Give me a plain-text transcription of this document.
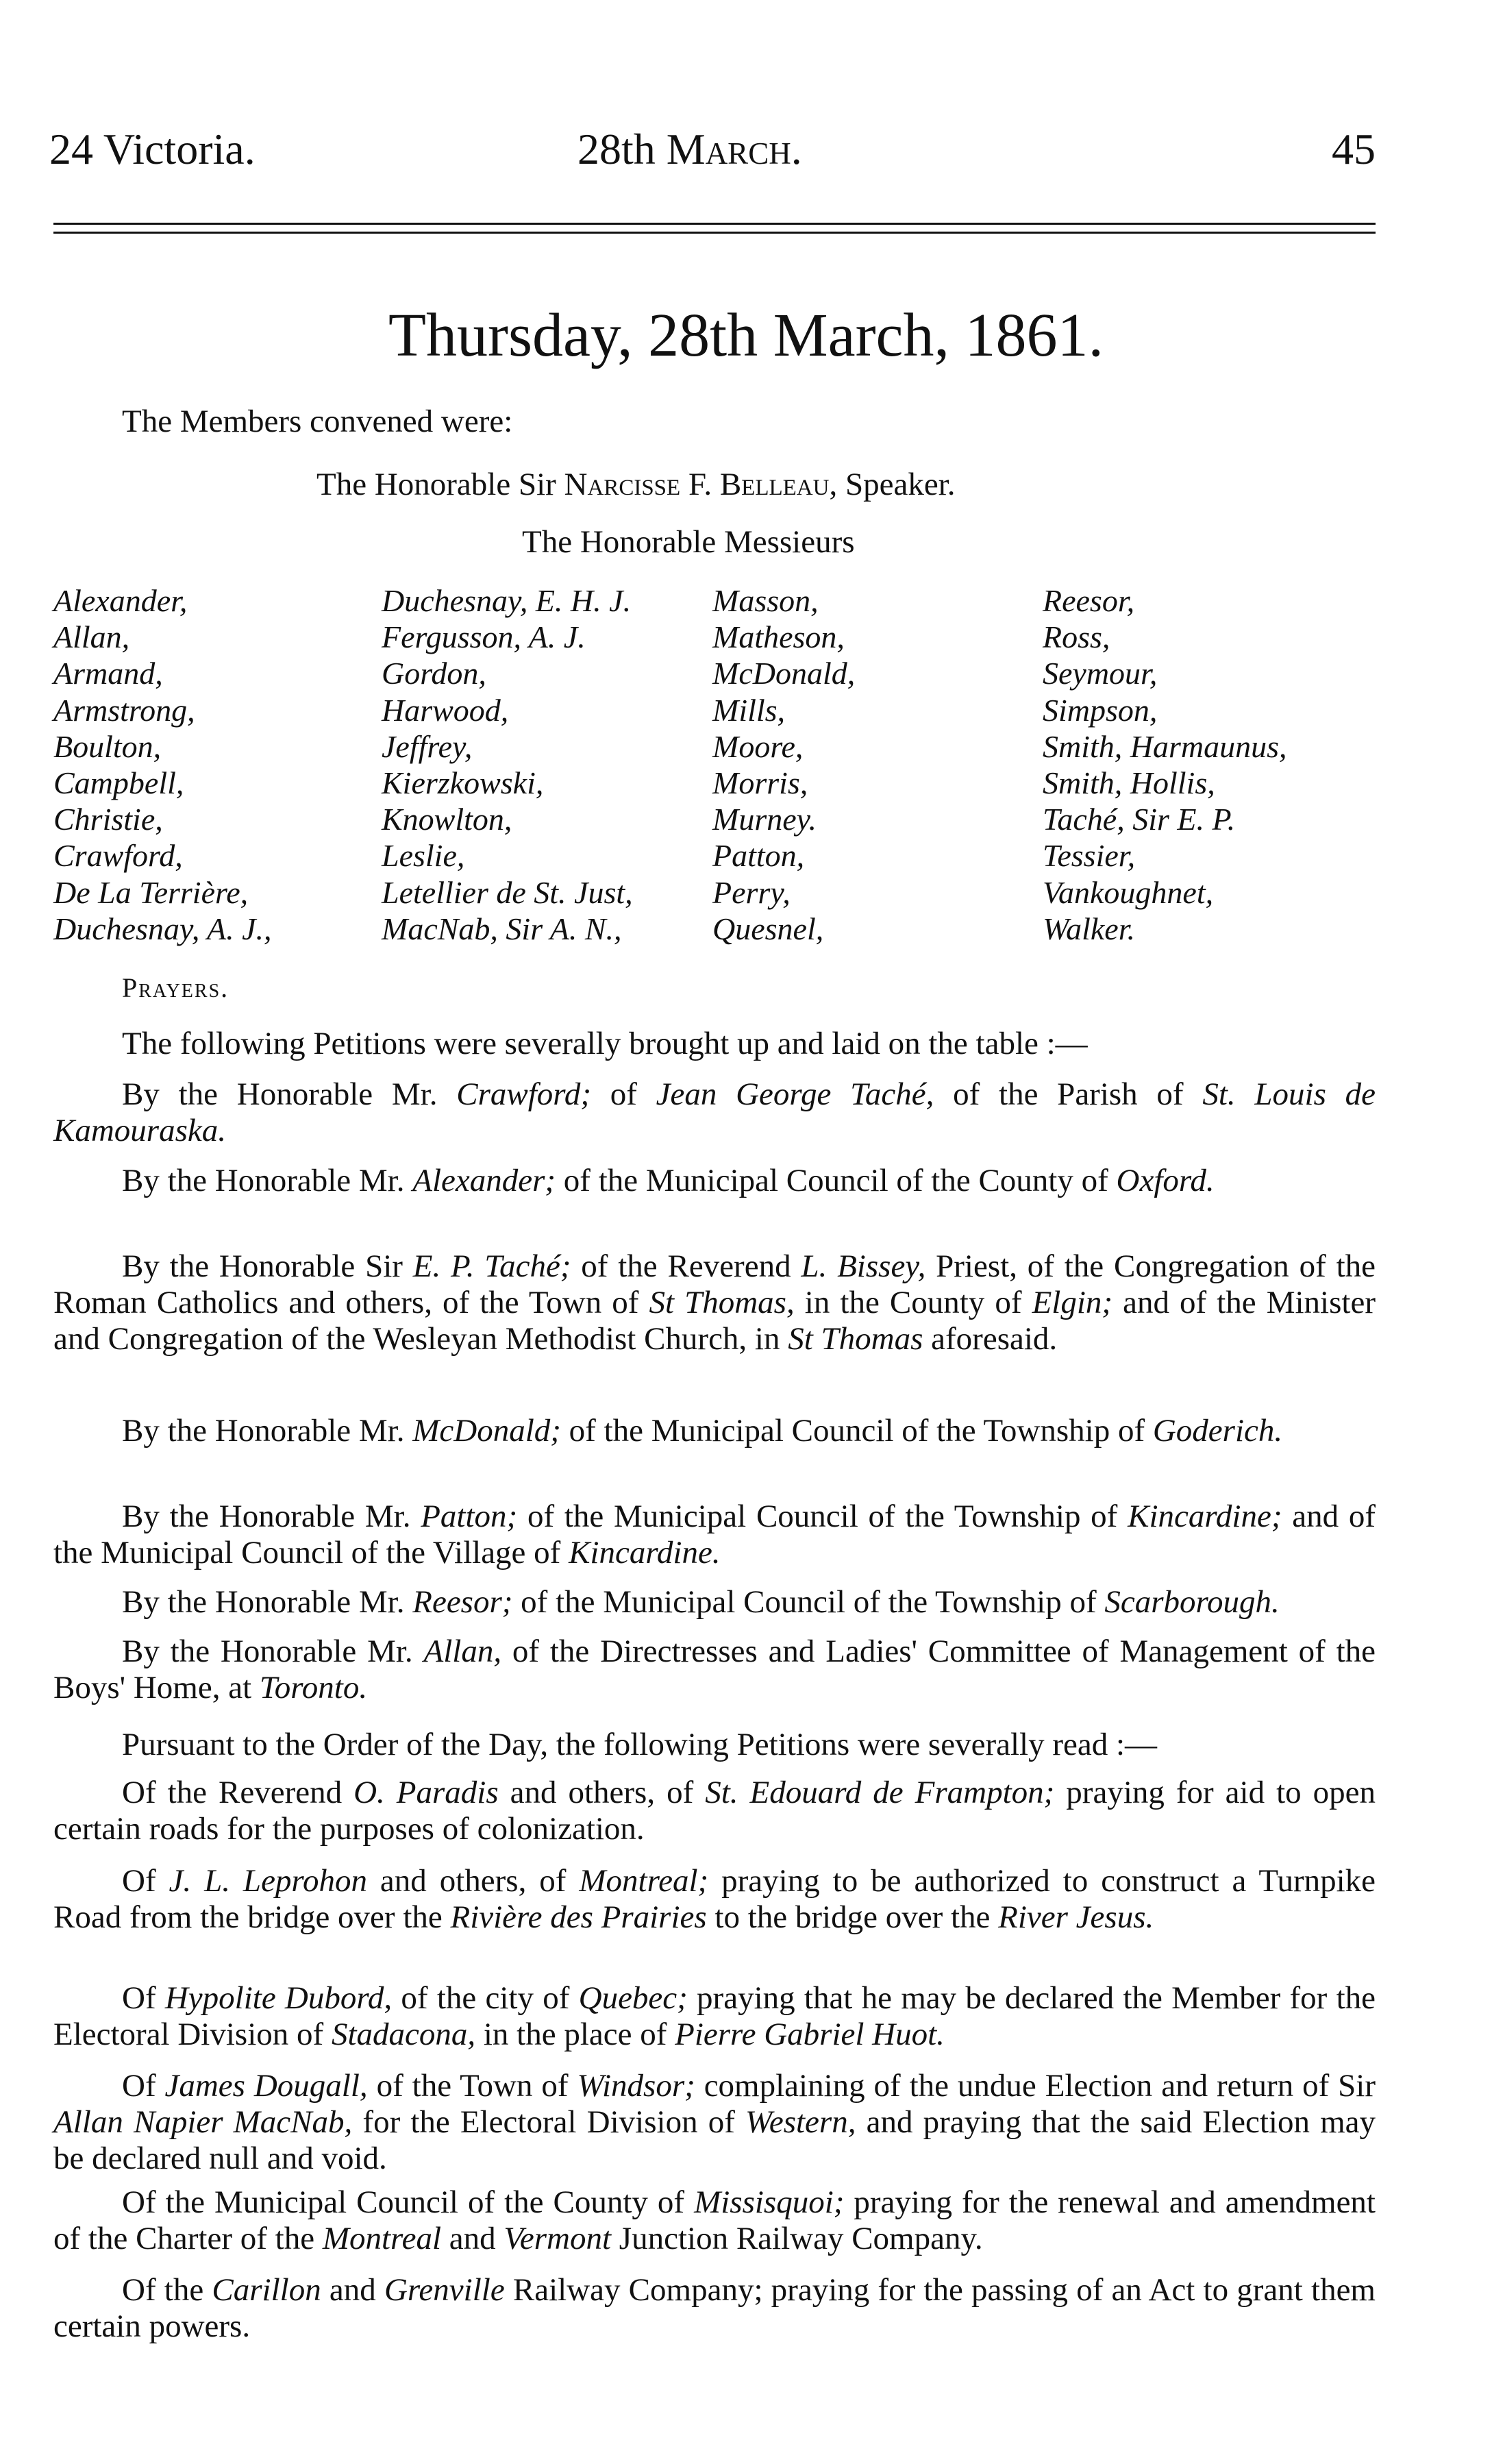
24 Victoria.	28th March.	45
Thursday, 28th March, 1861.
The Members convened were:
The Honorable Sir Narcisse F. Belleau, Speaker.
The Honorable Messieurs
Alexander,
Allan,
Armand,
Armstrong,
Boulton,
Campbell,
Christie,
Crawford,
De La Terrière,
Duchesnay, A. J.,
Duchesnay, E. H. J.
Fergusson, A. J.
Gordon,
Harwood,
Jeffrey,
Kierzkowski,
Knowlton,
Leslie,
Letellier de St. Just,
MacNab, Sir A. N.,
Masson,
Matheson,
McDonald,
Mills,
Moore,
Morris,
Murney.
Patton,
Perry,
Quesnel,
Reesor,
Ross,
Seymour,
Simpson,
Smith, Harmaunus,
Smith, Hollis,
Taché, Sir E. P.
Tessier,
Vankoughnet,
Walker.
Prayers.

The following Petitions were severally brought up and laid on the table :—

By the Honorable Mr. Crawford; of Jean George Taché, of the Parish of St. Louis de Kamouraska.

By the Honorable Mr. Alexander; of the Municipal Council of the County of Oxford.

By the Honorable Sir E. P. Taché; of the Reverend L. Bissey, Priest, of the Congregation of the Roman Catholics and others, of the Town of St Thomas, in the County of Elgin; and of the Minister and Congregation of the Wesleyan Methodist Church, in St Thomas aforesaid.

By the Honorable Mr. McDonald; of the Municipal Council of the Township of Goderich.

By the Honorable Mr. Patton; of the Municipal Council of the Township of Kincardine; and of the Municipal Council of the Village of Kincardine.

By the Honorable Mr. Reesor; of the Municipal Council of the Township of Scarborough.

By the Honorable Mr. Allan, of the Directresses and Ladies' Committee of Management of the Boys' Home, at Toronto.

Pursuant to the Order of the Day, the following Petitions were severally read :—

Of the Reverend O. Paradis and others, of St. Edouard de Frampton; praying for aid to open certain roads for the purposes of colonization.

Of J. L. Leprohon and others, of Montreal; praying to be authorized to construct a Turnpike Road from the bridge over the Rivière des Prairies to the bridge over the River Jesus.

Of Hypolite Dubord, of the city of Quebec; praying that he may be declared the Member for the Electoral Division of Stadacona, in the place of Pierre Gabriel Huot.

Of James Dougall, of the Town of Windsor; complaining of the undue Election and return of Sir Allan Napier MacNab, for the Electoral Division of Western, and praying that the said Election may be declared null and void.

Of the Municipal Council of the County of Missisquoi; praying for the renewal and amendment of the Charter of the Montreal and Vermont Junction Railway Company.

Of the Carillon and Grenville Railway Company; praying for the passing of an Act to grant them certain powers.
